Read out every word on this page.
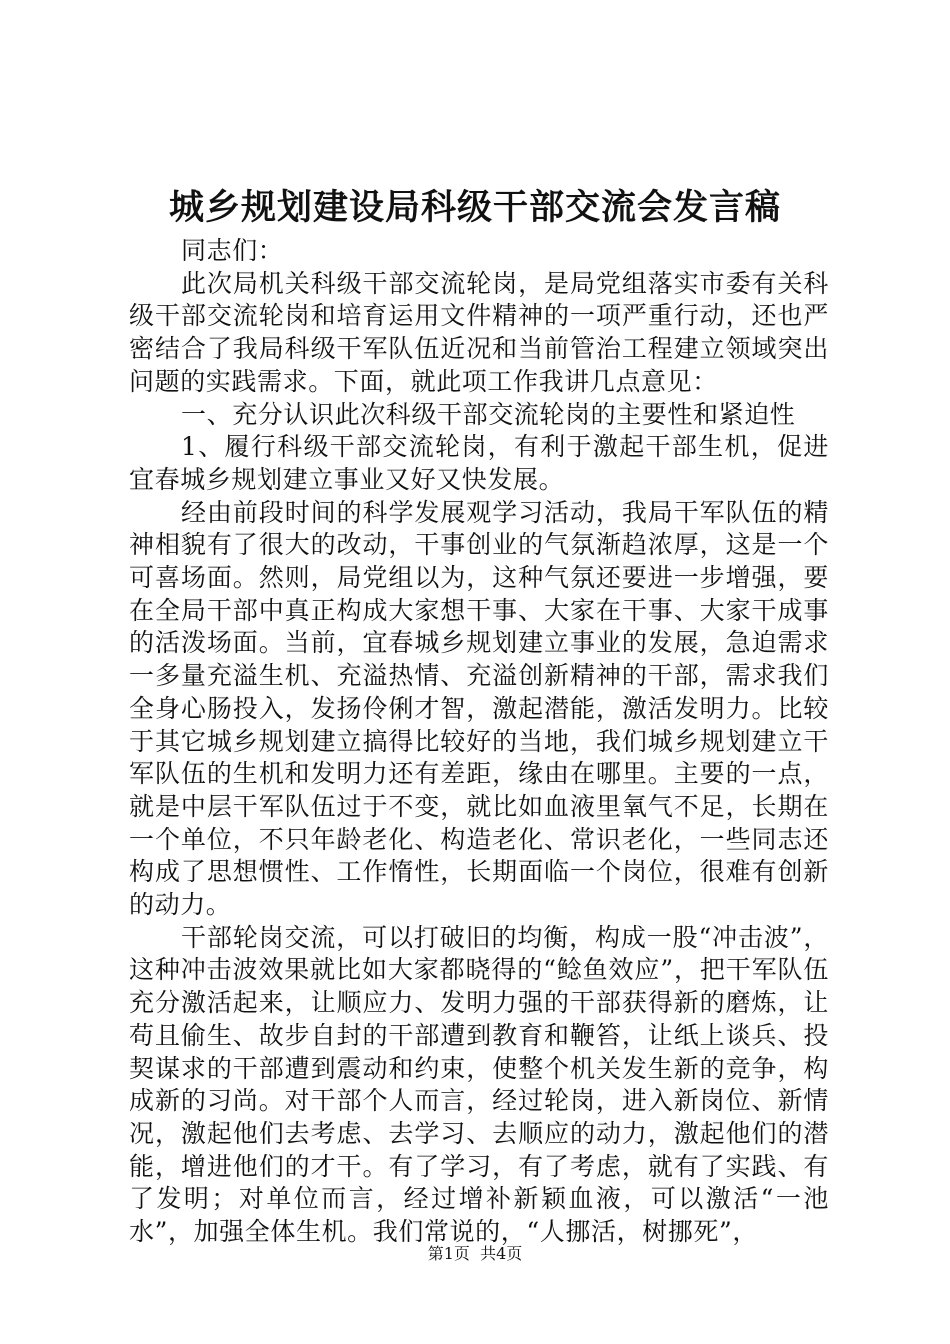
城乡规划建设局科级干部交流会发言稿

同志们：

此次局机关科级干部交流轮岗，是局党组落实市委有关科级干部交流轮岗和培育运用文件精神的一项严重行动，还也严密结合了我局科级干军队伍近况和当前管治工程建立领域突出问题的实践需求。下面，就此项工作我讲几点意见：

一、充分认识此次科级干部交流轮岗的主要性和紧迫性

1、履行科级干部交流轮岗，有利于激起干部生机，促进宜春城乡规划建立事业又好又快发展。

经由前段时间的科学发展观学习活动，我局干军队伍的精神相貌有了很大的改动，干事创业的气氛渐趋浓厚，这是一个可喜场面。然则，局党组以为，这种气氛还要进一步增强，要在全局干部中真正构成大家想干事、大家在干事、大家干成事的活泼场面。当前，宜春城乡规划建立事业的发展，急迫需求一多量充溢生机、充溢热情、充溢创新精神的干部，需求我们全身心肠投入，发扬伶俐才智，激起潜能，激活发明力。比较于其它城乡规划建立搞得比较好的当地，我们城乡规划建立干军队伍的生机和发明力还有差距，缘由在哪里。主要的一点，就是中层干军队伍过于不变，就比如血液里氧气不足，长期在一个单位，不只年龄老化、构造老化、常识老化，一些同志还构成了思想惯性、工作惰性，长期面临一个岗位，很难有创新的动力。

干部轮岗交流，可以打破旧的均衡，构成一股“冲击波”，这种冲击波效果就比如大家都晓得的“鲶鱼效应”，把干军队伍充分激活起来，让顺应力、发明力强的干部获得新的磨炼，让苟且偷生、故步自封的干部遭到教育和鞭笞，让纸上谈兵、投契谋求的干部遭到震动和约束，使整个机关发生新的竞争，构成新的习尚。对干部个人而言，经过轮岗，进入新岗位、新情况，激起他们去考虑、去学习、去顺应的动力，激起他们的潜能，增进他们的才干。有了学习，有了考虑，就有了实践、有了发明；对单位而言，经过增补新颖血液，可以激活“一池水”，加强全体生机。我们常说的，“人挪活，树挪死”，

第1页 共4页
